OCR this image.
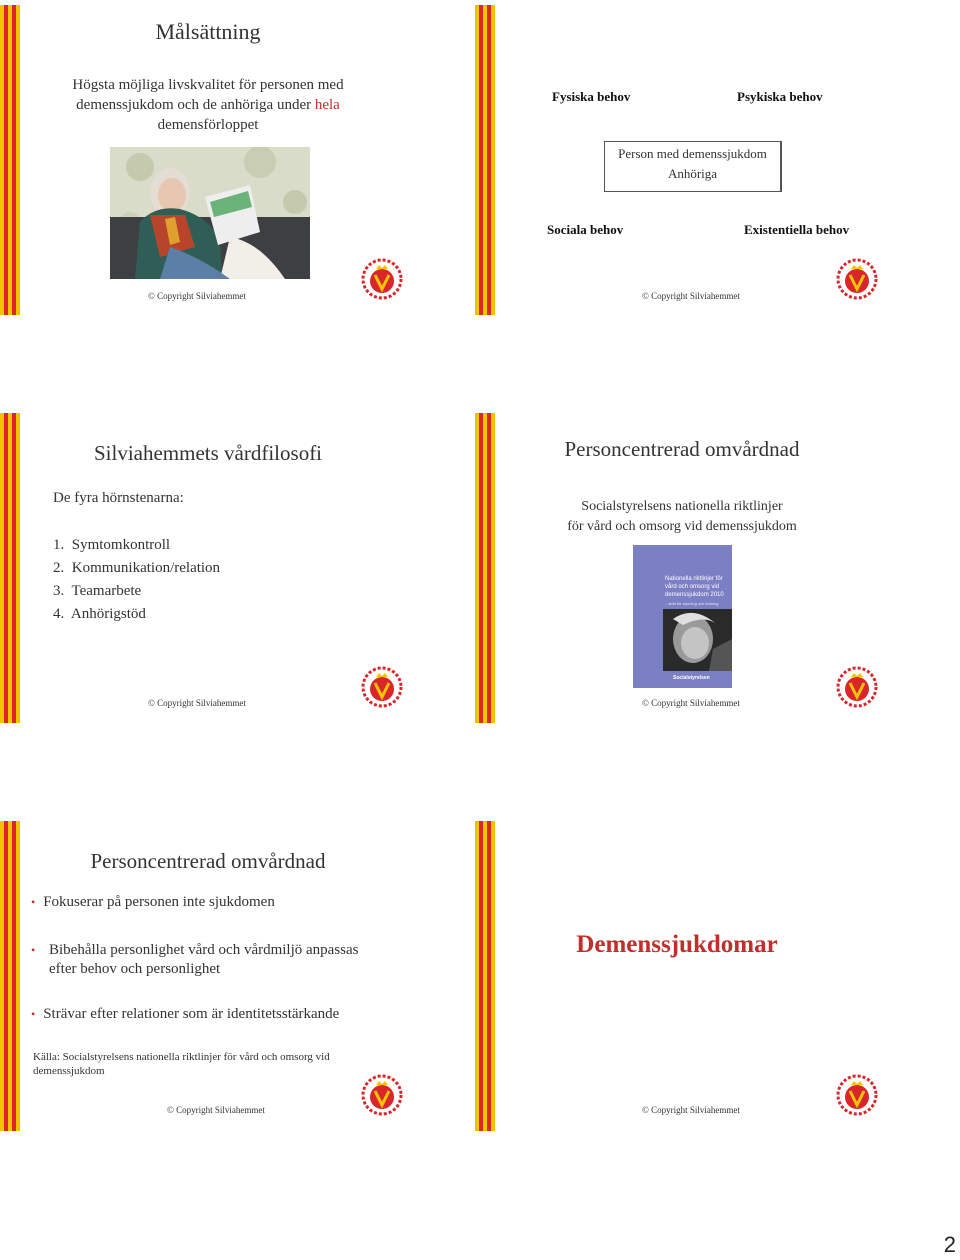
Målsättning
Högsta möjliga livskvalitet för personen med demenssjukdom och de anhöriga under hela demensförloppet
© Copyright Silviahemmet
Fysiska behov	Psykiska behov
Person med demenssjukdom
Anhöriga
Sociala behov	Existentiella behov
© Copyright Silviahemmet
Silviahemmets vårdfilosofi
De fyra hörnstenarna:
1.  Symtomkontroll
2.  Kommunikation/relation
3.  Teamarbete
4.  Anhörigstöd
© Copyright Silviahemmet
Personcentrerad omvårdnad
Socialstyrelsens nationella riktlinjer
för vård och omsorg vid demenssjukdom
Nationella riktlinjer för vård och omsorg vid demenssjukdom 2010
– stöd för styrning och ledning
Socialstyrelsen
© Copyright Silviahemmet
Personcentrerad omvårdnad
• Fokuserar på personen inte sjukdomen
• Bibehålla personlighet vård och vårdmiljö anpassas efter behov och personlighet
• Strävar efter relationer som är identitetsstärkande
Källa: Socialstyrelsens nationella riktlinjer för vård och omsorg vid demenssjukdom
© Copyright Silviahemmet
Demenssjukdomar
© Copyright Silviahemmet
2
